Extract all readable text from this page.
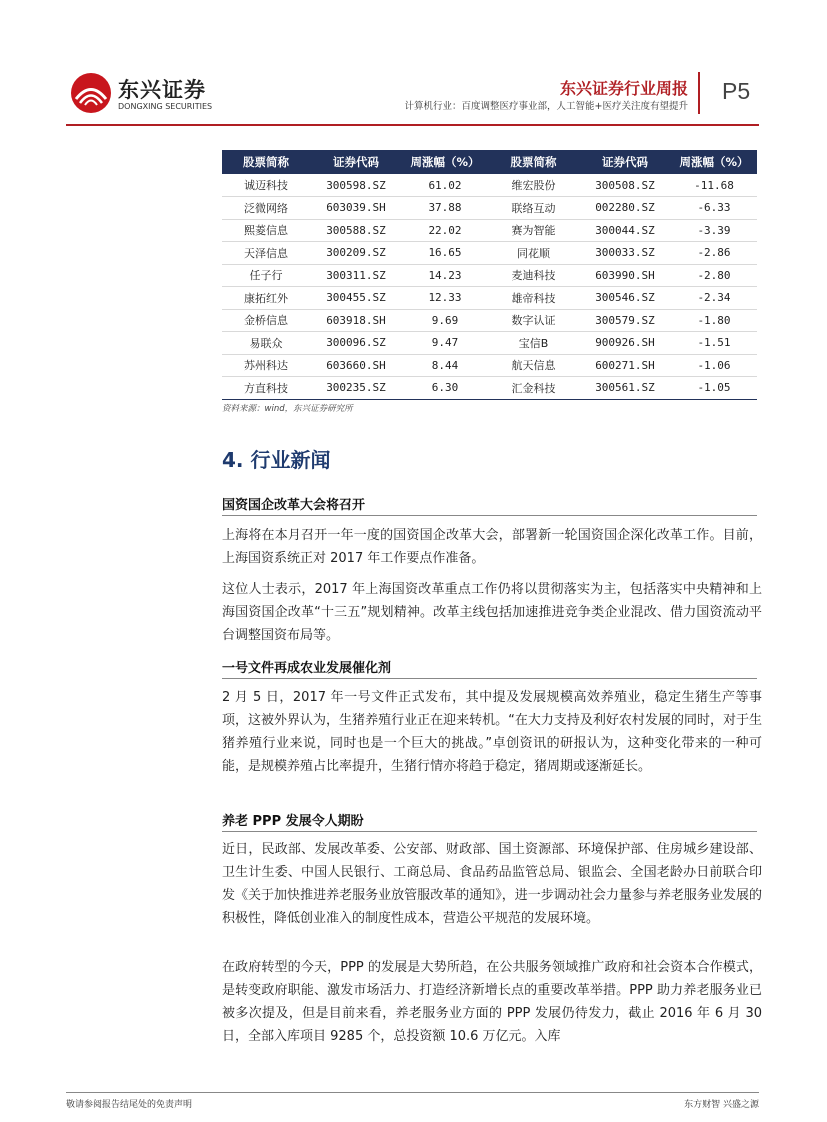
东兴证券
DONGXING SECURITIES
东兴证券行业周报
计算机行业：百度调整医疗事业部，人工智能+医疗关注度有望提升
P5
股票简称	证券代码	周涨幅（%）	股票简称	证券代码	周涨幅（%）
诚迈科技	300598.SZ	61.02	维宏股份	300508.SZ	-11.68
泛微网络	603039.SH	37.88	联络互动	002280.SZ	-6.33
熙菱信息	300588.SZ	22.02	赛为智能	300044.SZ	-3.39
天泽信息	300209.SZ	16.65	同花顺	300033.SZ	-2.86
任子行	300311.SZ	14.23	麦迪科技	603990.SH	-2.80
康拓红外	300455.SZ	12.33	雄帝科技	300546.SZ	-2.34
金桥信息	603918.SH	9.69	数字认证	300579.SZ	-1.80
易联众	300096.SZ	9.47	宝信B	900926.SH	-1.51
苏州科达	603660.SH	8.44	航天信息	600271.SH	-1.06
方直科技	300235.SZ	6.30	汇金科技	300561.SZ	-1.05
资料来源：wind，东兴证券研究所
4. 行业新闻
国资国企改革大会将召开
上海将在本月召开一年一度的国资国企改革大会，部署新一轮国资国企深化改革工作。目前，上海国资系统正对 2017 年工作要点作准备。
这位人士表示，2017 年上海国资改革重点工作仍将以贯彻落实为主，包括落实中央精神和上海国资国企改革“十三五”规划精神。改革主线包括加速推进竞争类企业混改、借力国资流动平台调整国资布局等。
一号文件再成农业发展催化剂
2 月 5 日，2017 年一号文件正式发布，其中提及发展规模高效养殖业，稳定生猪生产等事项，这被外界认为，生猪养殖行业正在迎来转机。“在大力支持及利好农村发展的同时，对于生猪养殖行业来说，同时也是一个巨大的挑战。”卓创资讯的研报认为，这种变化带来的一种可能，是规模养殖占比率提升，生猪行情亦将趋于稳定，猪周期或逐渐延长。
养老 PPP 发展令人期盼
近日，民政部、发展改革委、公安部、财政部、国土资源部、环境保护部、住房城乡建设部、卫生计生委、中国人民银行、工商总局、食品药品监管总局、银监会、全国老龄办日前联合印发《关于加快推进养老服务业放管服改革的通知》，进一步调动社会力量参与养老服务业发展的积极性，降低创业准入的制度性成本，营造公平规范的发展环境。
在政府转型的今天，PPP 的发展是大势所趋，在公共服务领域推广政府和社会资本合作模式，是转变政府职能、激发市场活力、打造经济新增长点的重要改革举措。PPP 助力养老服务业已被多次提及，但是目前来看，养老服务业方面的 PPP 发展仍待发力，截止 2016 年 6 月 30 日，全部入库项目 9285 个，总投资额 10.6 万亿元。入库
敬请参阅报告结尾处的免责声明	东方财智 兴盛之源
